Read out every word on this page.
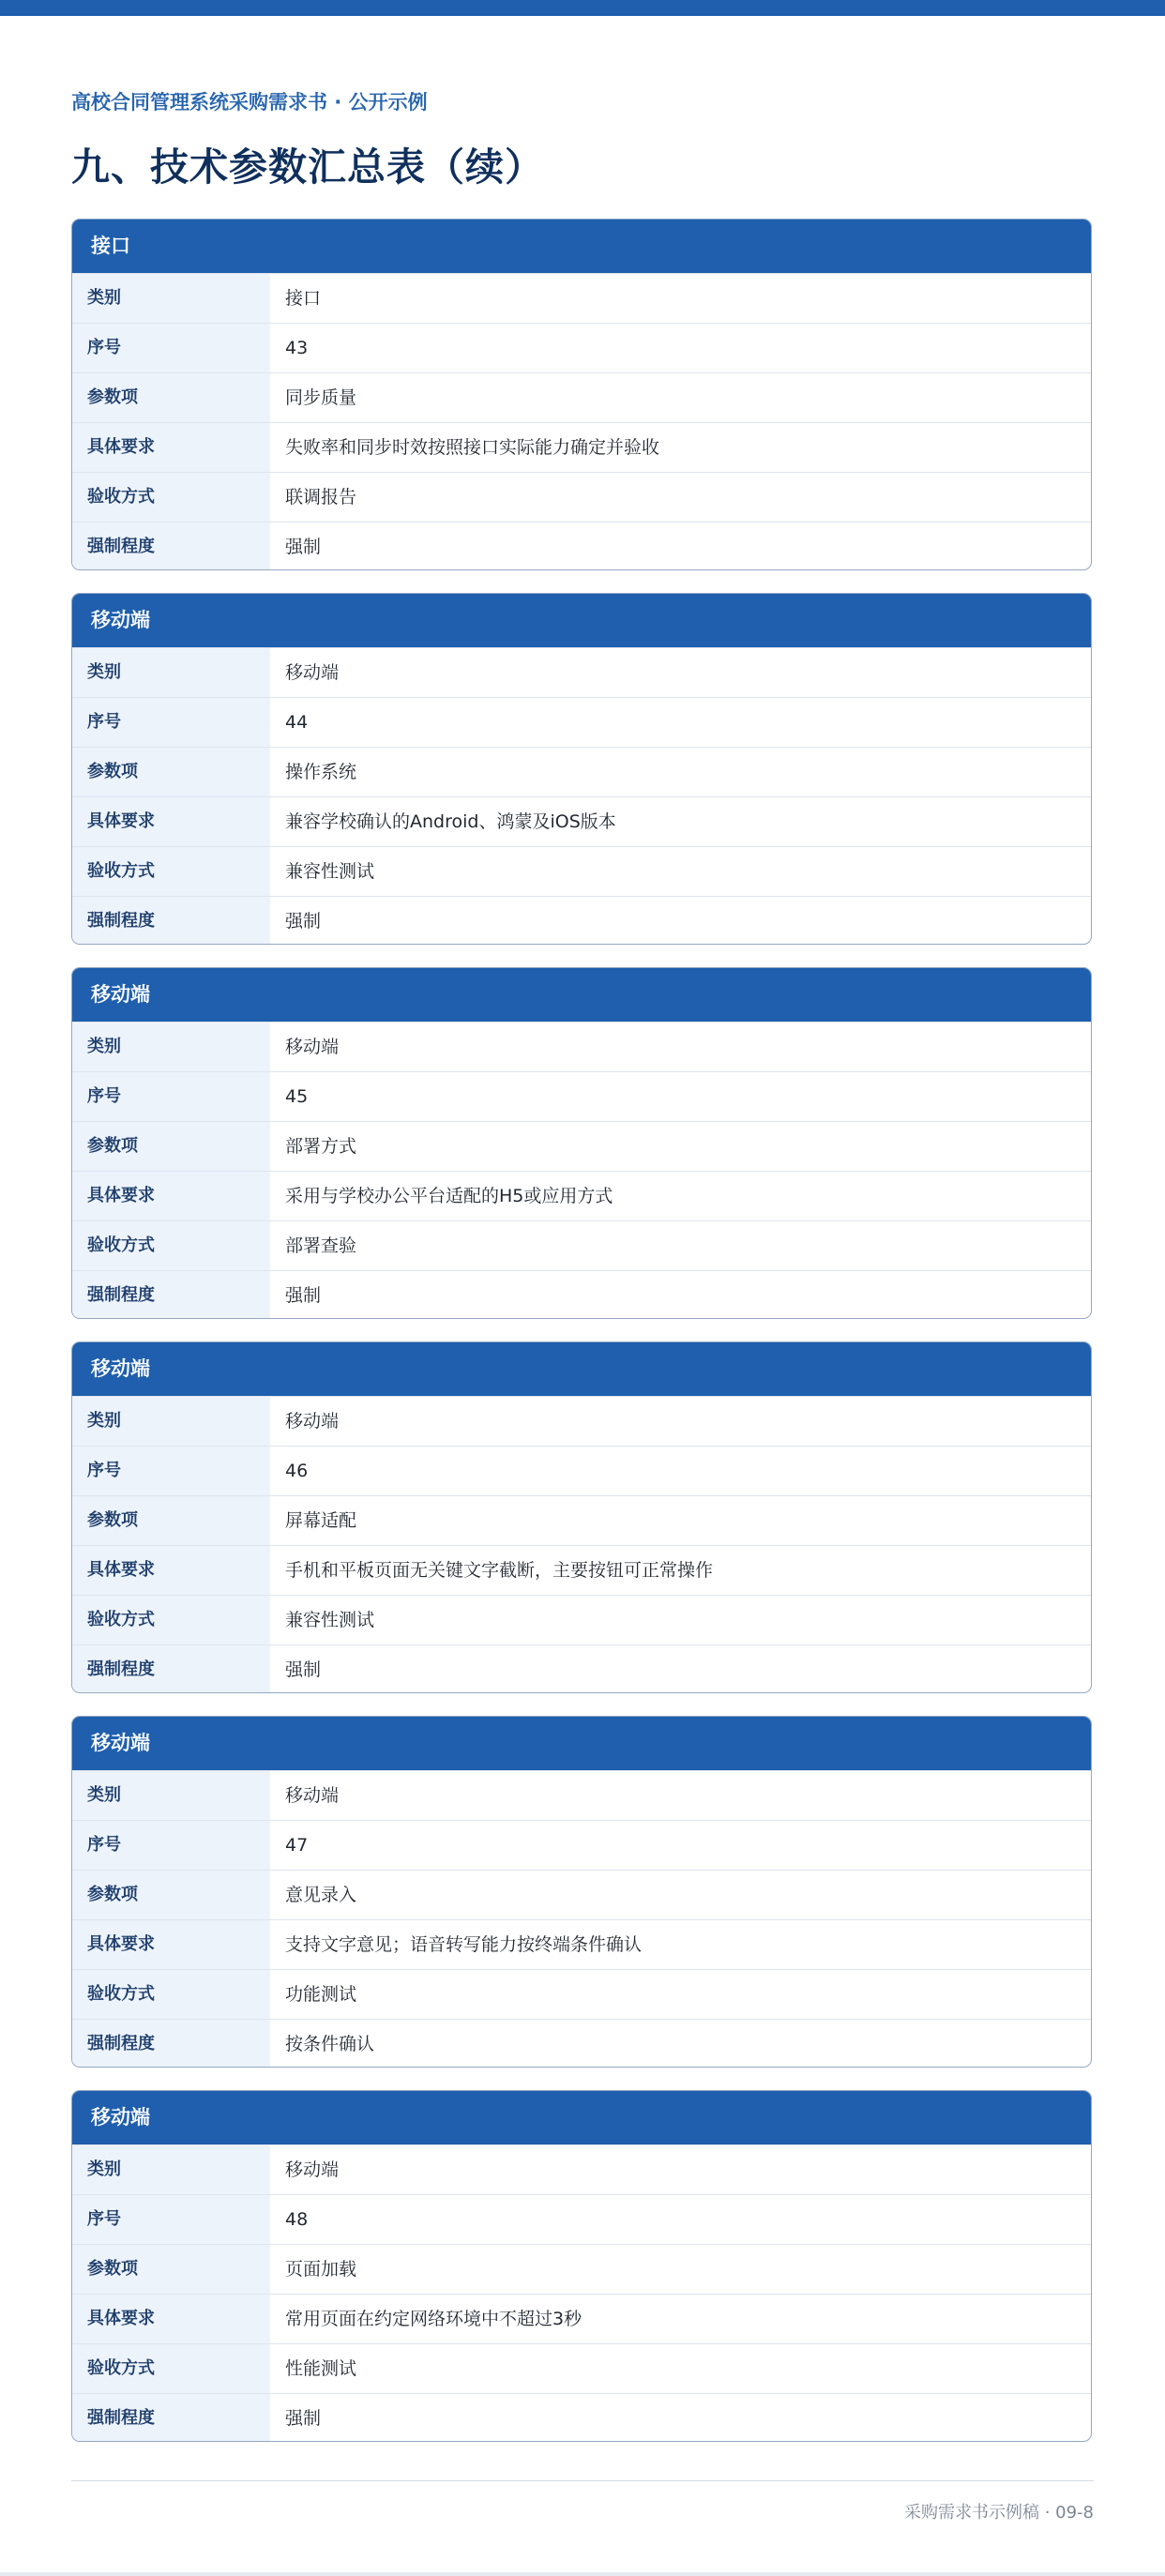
高校合同管理系统采购需求书 · 公开示例
九、技术参数汇总表（续）
接口
类别	接口
序号	43
参数项	同步质量
具体要求	失败率和同步时效按照接口实际能力确定并验收
验收方式	联调报告
强制程度	强制
移动端
类别	移动端
序号	44
参数项	操作系统
具体要求	兼容学校确认的Android、鸿蒙及iOS版本
验收方式	兼容性测试
强制程度	强制
移动端
类别	移动端
序号	45
参数项	部署方式
具体要求	采用与学校办公平台适配的H5或应用方式
验收方式	部署查验
强制程度	强制
移动端
类别	移动端
序号	46
参数项	屏幕适配
具体要求	手机和平板页面无关键文字截断，主要按钮可正常操作
验收方式	兼容性测试
强制程度	强制
移动端
类别	移动端
序号	47
参数项	意见录入
具体要求	支持文字意见；语音转写能力按终端条件确认
验收方式	功能测试
强制程度	按条件确认
移动端
类别	移动端
序号	48
参数项	页面加载
具体要求	常用页面在约定网络环境中不超过3秒
验收方式	性能测试
强制程度	强制
采购需求书示例稿 · 09-8
